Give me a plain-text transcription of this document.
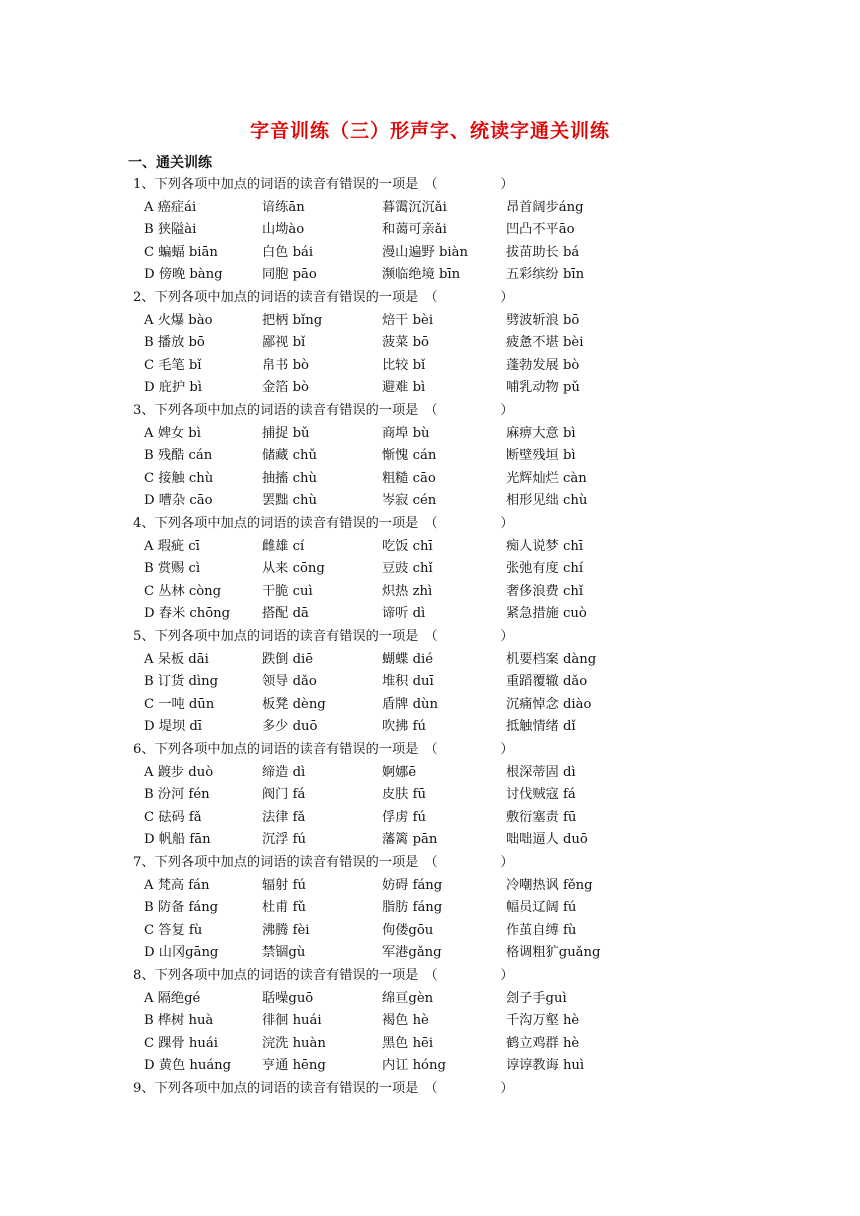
字音训练（三）形声字、统读字通关训练
一、通关训练
1、下列各项中加点的词语的读音有错误的一项是 （               ）
A 癌症ái	谙练ān	暮霭沉沉ǎi	昂首阔步áng
B 狭隘ài	山坳ào	和蔼可亲ǎi	凹凸不平āo
C 蝙蝠 biān	白色 bái	漫山遍野 biàn	拔苗助长 bá
D 傍晚 bàng	同胞 pāo	濒临绝境 bīn	五彩缤纷 bīn
2、下列各项中加点的词语的读音有错误的一项是 （               ）
A 火爆 bào	把柄 bǐng	焙干 bèi	劈波斩浪 bō
B 播放 bō	鄙视 bǐ	菠菜 bō	疲惫不堪 bèi
C 毛笔 bǐ	帛书 bò	比较 bǐ	蓬勃发展 bò
D 庇护 bì	金箔 bò	避难 bì	哺乳动物 pǔ
3、下列各项中加点的词语的读音有错误的一项是 （               ）
A 婢女 bì	捕捉 bǔ	商埠 bù	麻痹大意 bì
B 残酷 cán	储藏 chǔ	惭愧 cán	断壁残垣 bì
C 接触 chù	抽搐 chù	粗糙 cāo	光辉灿烂 càn
D 嘈杂 cāo	罢黜 chù	岑寂 cén	相形见绌 chù
4、下列各项中加点的词语的读音有错误的一项是 （               ）
A 瑕疵 cī	雌雄 cí	吃饭 chī	痴人说梦 chī
B 赏赐 cì	从来 cōng	豆豉 chǐ	张弛有度 chí
C 丛林 còng	干脆 cuì	炽热 zhì	奢侈浪费 chǐ
D 舂米 chōng 搭配 dā	谛听 dì	紧急措施 cuò
5、下列各项中加点的词语的读音有错误的一项是 （               ）
A 呆板 dāi	跌倒 diē	蝴蝶 dié	机要档案 dàng
B 订货 dìng	领导 dǎo	堆积 duī	重蹈覆辙 dǎo
C 一吨 dūn	板凳 dèng	盾牌 dùn	沉痛悼念 diào
D 堤坝 dī	多少 duō	吹拂 fú	抵触情绪 dǐ
6、下列各项中加点的词语的读音有错误的一项是 （               ）
A 踱步 duò	缔造 dì	婀娜ē	根深蒂固 dì
B 汾河 fén	阀门 fá	皮肤 fū	讨伐贼寇 fá
C 砝码 fǎ	法律 fǎ	俘虏 fú	敷衍塞责 fū
D 帆船 fān	沉浮 fú	藩篱 pān	咄咄逼人 duō
7、下列各项中加点的词语的读音有错误的一项是 （               ）
A 梵高 fán	辐射 fú	妨碍 fáng	冷嘲热讽 fěng
B 防备 fáng	杜甫 fǔ	脂肪 fáng	幅员辽阔 fú
C 答复 fù	沸腾 fèi	佝偻gōu	作茧自缚 fù
D 山冈gāng	禁锢gù	军港gǎng	格调粗犷guǎng
8、下列各项中加点的词语的读音有错误的一项是 （               ）
A 隔绝gé	聒噪guō	绵亘gèn	刽子手guì
B 桦树 huà	徘徊 huái	褐色 hè	千沟万壑 hè
C 踝骨 huái	浣洗 huàn	黑色 hēi	鹤立鸡群 hè
D 黄色 huáng 亨通 hēng	内讧 hóng	谆谆教诲 huì
9、下列各项中加点的词语的读音有错误的一项是 （               ）
